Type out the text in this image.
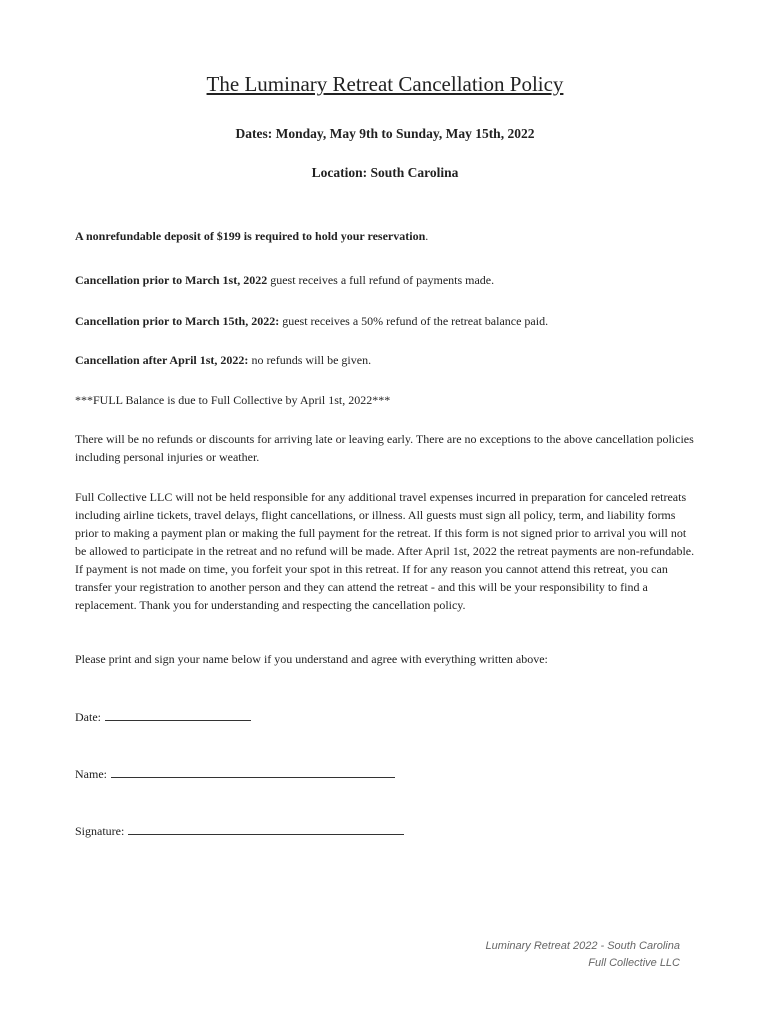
The Luminary Retreat Cancellation Policy
Dates: Monday, May 9th to Sunday, May 15th, 2022
Location: South Carolina
A nonrefundable deposit of $199 is required to hold your reservation.
Cancellation prior to March 1st, 2022 guest receives a full refund of payments made.
Cancellation prior to March 15th, 2022: guest receives a 50% refund of the retreat balance paid.
Cancellation after April 1st, 2022: no refunds will be given.
***FULL Balance is due to Full Collective by April 1st, 2022***
There will be no refunds or discounts for arriving late or leaving early. There are no exceptions to the above cancellation policies including personal injuries or weather.
Full Collective LLC will not be held responsible for any additional travel expenses incurred in preparation for canceled retreats including airline tickets, travel delays, flight cancellations, or illness. All guests must sign all policy, term, and liability forms prior to making a payment plan or making the full payment for the retreat. If this form is not signed prior to arrival you will not be allowed to participate in the retreat and no refund will be made. After April 1st, 2022 the retreat payments are non-refundable. If payment is not made on time, you forfeit your spot in this retreat. If for any reason you cannot attend this retreat, you can transfer your registration to another person and they can attend the retreat - and this will be your responsibility to find a replacement. Thank you for understanding and respecting the cancellation policy.
Please print and sign your name below if you understand and agree with everything written above:
Date:
Name:
Signature:
Luminary Retreat 2022 - South Carolina
Full Collective LLC
